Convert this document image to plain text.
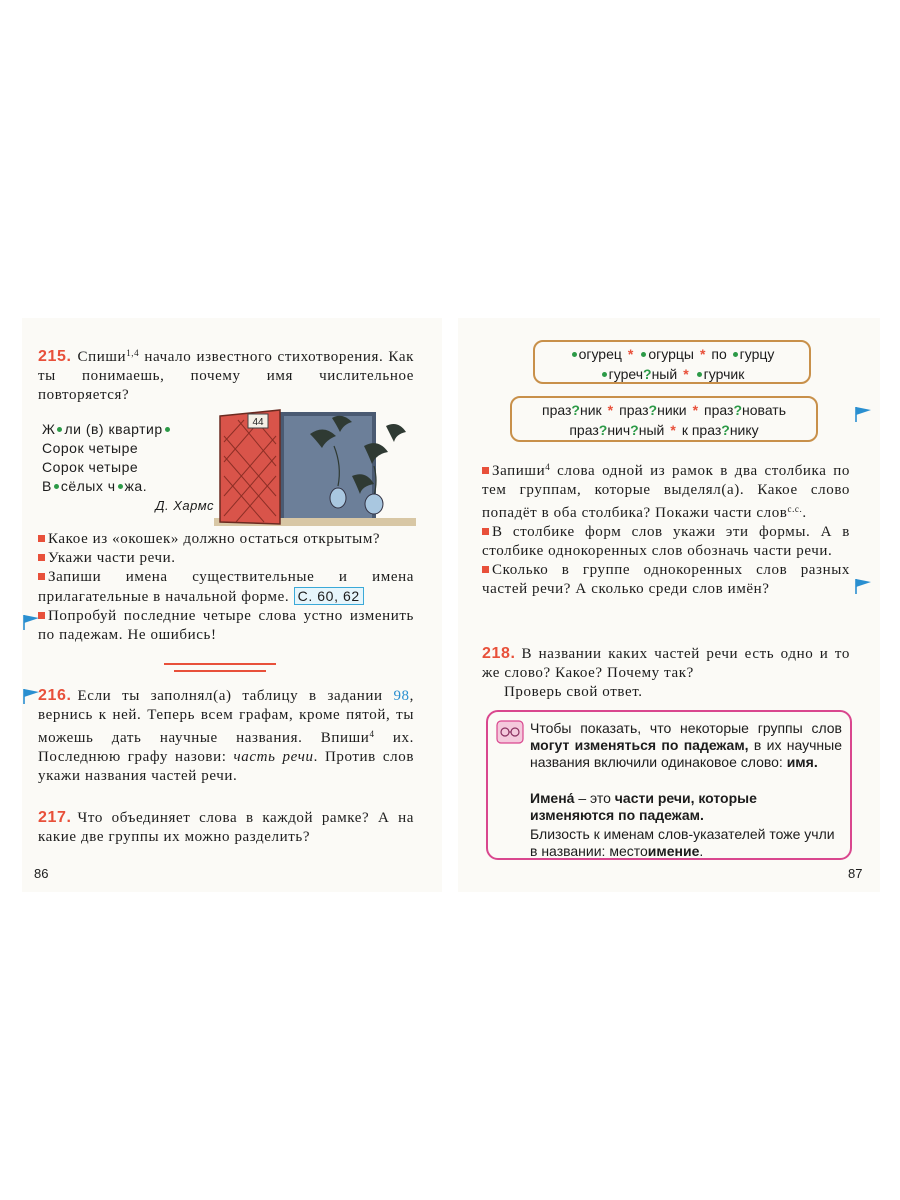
215. Спиши$^{1,4}$ начало известного стихотворения. Как ты понимаешь, почему имя числительное повторяется?
Ж ли (в) квартир
Сорок четыре
Сорок четыре
В сёлых ч жа.
Д. Хармс
44
Какое из «окошек» должно остаться открытым?
Укажи части речи.
Запиши имена существительные и имена прилагательные в начальной форме. С. 60, 62
Попробуй последние четыре слова устно изменить по падежам. Не ошибись!
216. Если ты заполнял(а) таблицу в задании 98, вернись к ней. Теперь всем графам, кроме пятой, ты можешь дать научные названия. Впиши$^4$ их. Последнюю графу назови: часть речи. Против слов укажи названия частей речи.
217. Что объединяет слова в каждой рамке? А на какие две группы их можно разделить?
86
огурец * огурцы * по гурцу
гуреч?ный * гурчик
праз?ник * праз?ники * праз?новать
праз?нич?ный * к праз?нику
Запиши$^4$ слова одной из рамок в два столбика по тем группам, которые выделял(а). Какое слово попадёт в оба столбика? Покажи части слов$^{с.с.}$.
В столбике форм слов укажи эти формы. А в столбике однокоренных слов обозначь части речи.
Сколько в группе однокоренных слов разных частей речи? А сколько среди слов имён?
218. В названии каких частей речи есть одно и то же слово? Какое? Почему так?
Проверь свой ответ.
Чтобы показать, что некоторые группы слов могут изменяться по падежам, в их научные названия включили одинаковое слово: имя.
Имена́ – это части речи, которые изменяются по падежам.
Близость к именам слов-указателей тоже учли в названии: местоимение.
87
